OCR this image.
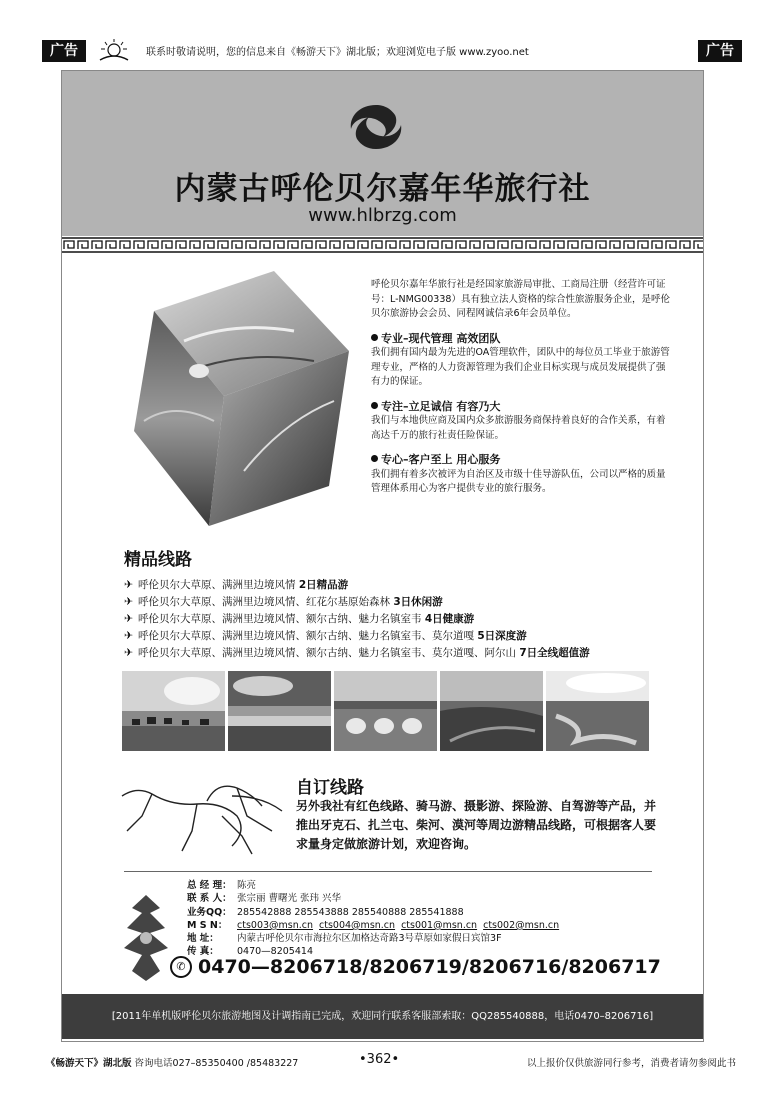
广告	联系时敬请说明，您的信息来自《畅游天下》湖北版；欢迎浏览电子版 www.zyoo.net	广告
内蒙古呼伦贝尔嘉年华旅行社
www.hlbrzg.com
呼伦贝尔嘉年华旅行社是经国家旅游局审批、工商局注册（经营许可证号：L-NMG00338）具有独立法人资格的综合性旅游服务企业，是呼伦贝尔旅游协会会员、同程网诚信录6年会员单位。
专业–现代管理 高效团队
我们拥有国内最为先进的OA管理软件，团队中的每位员工毕业于旅游管理专业，严格的人力资源管理为我们企业目标实现与成员发展提供了强有力的保证。
专注–立足诚信 有容乃大
我们与本地供应商及国内众多旅游服务商保持着良好的合作关系，有着高达千万的旅行社责任险保证。
专心–客户至上 用心服务
我们拥有着多次被评为自治区及市级十佳导游队伍，公司以严格的质量管理体系用心为客户提供专业的旅行服务。
精品线路
✈ 呼伦贝尔大草原、满洲里边境风情 2日精品游
✈ 呼伦贝尔大草原、满洲里边境风情、红花尔基原始森林 3日休闲游
✈ 呼伦贝尔大草原、满洲里边境风情、额尔古纳、魅力名镇室韦 4日健康游
✈ 呼伦贝尔大草原、满洲里边境风情、额尔古纳、魅力名镇室韦、莫尔道嘎 5日深度游
✈ 呼伦贝尔大草原、满洲里边境风情、额尔古纳、魅力名镇室韦、莫尔道嘎、阿尔山 7日全线超值游
自订线路
另外我社有红色线路、骑马游、摄影游、探险游、自驾游等产品，并推出牙克石、扎兰屯、柴河、漠河等周边游精品线路，可根据客人要求量身定做旅游计划，欢迎咨询。
总 经 理： 陈亮
联 系 人： 张宗丽 曹曙光 张玮 兴华
业务QQ： 285542888 285543888 285540888 285541888
M S N： cts003@msn.cn cts004@msn.cn cts001@msn.cn cts002@msn.cn
地 址： 内蒙古呼伦贝尔市海拉尔区加格达奇路3号草原如家假日宾馆3F
传 真： 0470—8205414
✆ 0470—8206718/8206719/8206716/8206717
[2011年单机版呼伦贝尔旅游地图及计调指南已完成，欢迎同行联系客服部索取：QQ285540888，电话0470–8206716]
《畅游天下》湖北版 咨询电话027–85350400 /85483227	•362•	以上报价仅供旅游同行参考，消费者请勿参阅此书
